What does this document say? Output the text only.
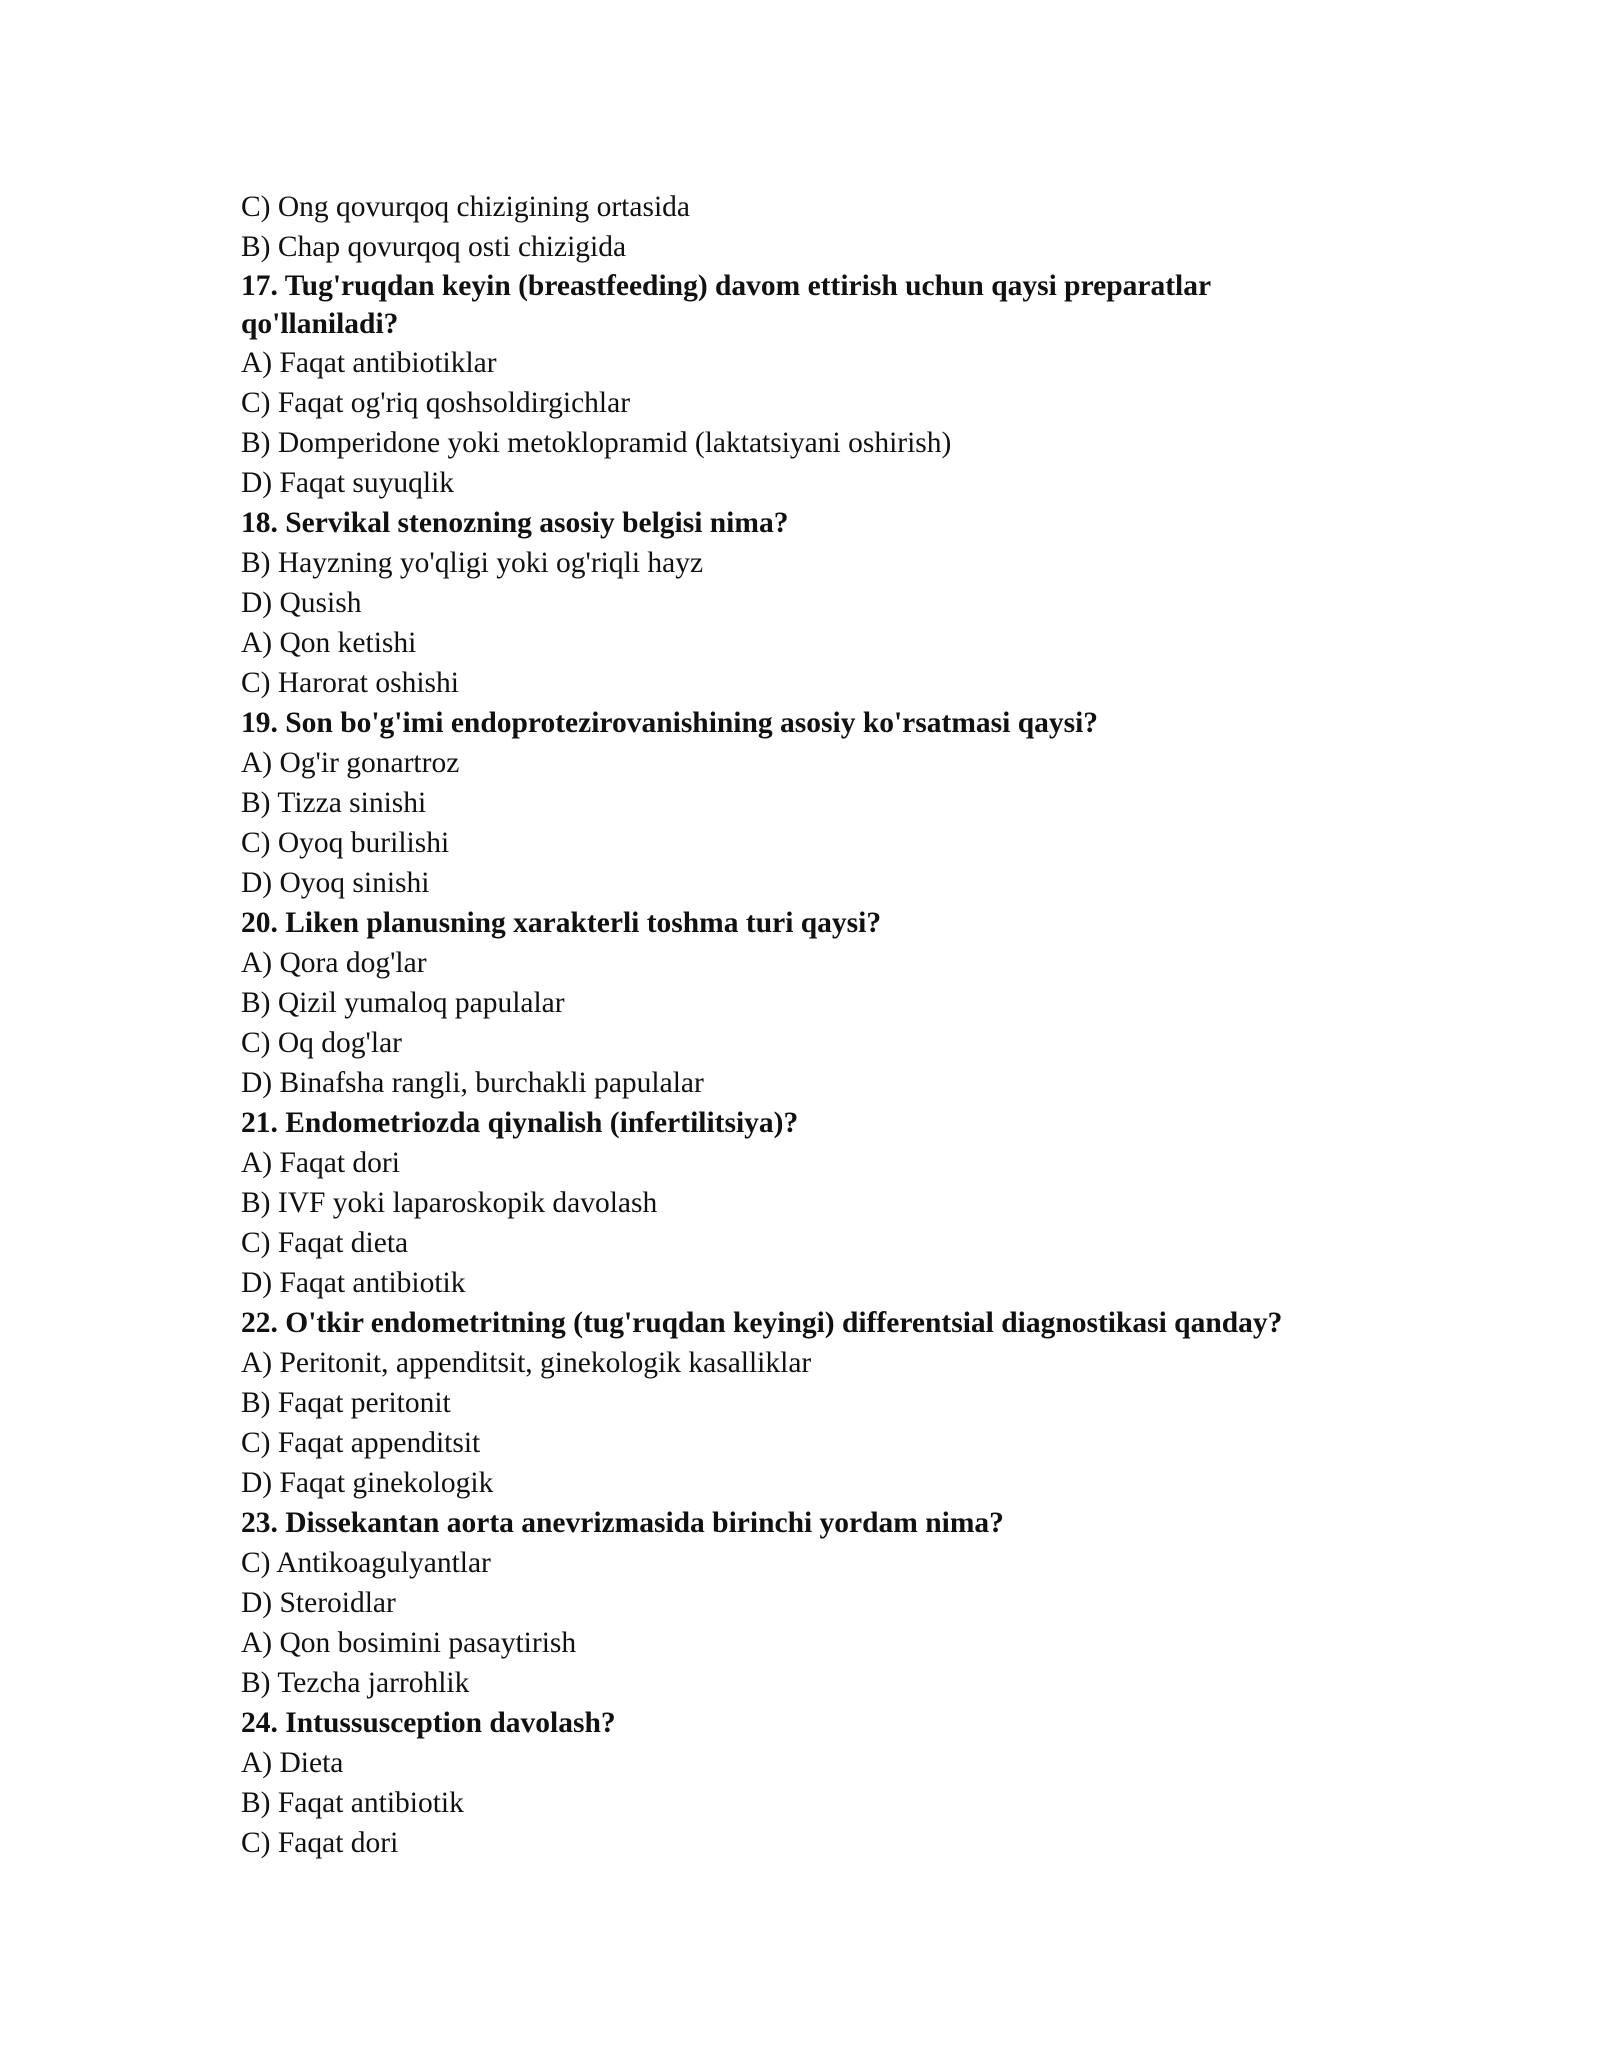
C) Ong qovurqoq chizigining ortasida
B) Chap qovurqoq osti chizigida
17. Tug'ruqdan keyin (breastfeeding) davom ettirish uchun qaysi preparatlar qo'llaniladi?
A) Faqat antibiotiklar
C) Faqat og'riq qoshsoldirgichlar
B) Domperidone yoki metoklopramid (laktatsiyani oshirish)
D) Faqat suyuqlik
18. Servikal stenozning asosiy belgisi nima?
B) Hayzning yo'qligi yoki og'riqli hayz
D) Qusish
A) Qon ketishi
C) Harorat oshishi
19. Son bo'g'imi endoprotezirovanishining asosiy ko'rsatmasi qaysi?
A) Og'ir gonartroz
B) Tizza sinishi
C) Oyoq burilishi
D) Oyoq sinishi
20. Liken planusning xarakterli toshma turi qaysi?
A) Qora dog'lar
B) Qizil yumaloq papulalar
C) Oq dog'lar
D) Binafsha rangli, burchakli papulalar
21. Endometriozda qiynalish (infertilitsiya)?
A) Faqat dori
B) IVF yoki laparoskopik davolash
C) Faqat dieta
D) Faqat antibiotik
22. O'tkir endometritning (tug'ruqdan keyingi) differentsial diagnostikasi qanday?
A) Peritonit, appenditsit, ginekologik kasalliklar
B) Faqat peritonit
C) Faqat appenditsit
D) Faqat ginekologik
23. Dissekantan aorta anevrizmasida birinchi yordam nima?
C) Antikoagulyantlar
D) Steroidlar
A) Qon bosimini pasaytirish
B) Tezcha jarrohlik
24. Intussusception davolash?
A) Dieta
B) Faqat antibiotik
C) Faqat dori
